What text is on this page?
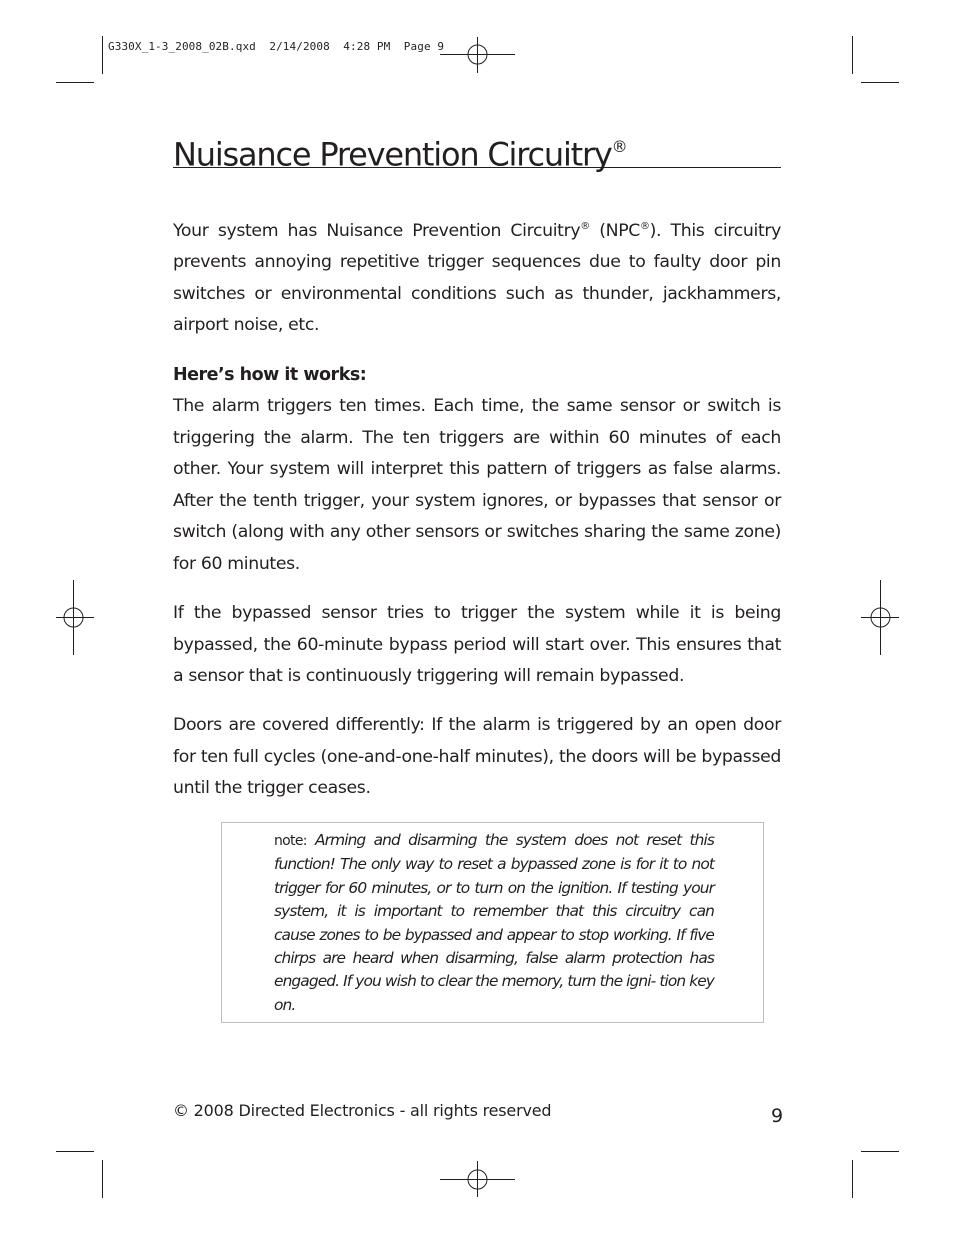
G330X_1-3_2008_02B.qxd  2/14/2008  4:28 PM  Page 9
Nuisance Prevention Circuitry®

Your system has Nuisance Prevention Circuitry® (NPC®). This circuitry prevents annoying repetitive trigger sequences due to faulty door pin switches or environmental conditions such as thunder, jackhammers, airport noise, etc.

Here’s how it works:

The alarm triggers ten times. Each time, the same sensor or switch is triggering the alarm. The ten triggers are within 60 minutes of each other. Your system will interpret this pattern of triggers as false alarms. After the tenth trigger, your system ignores, or bypasses that sensor or switch (along with any other sensors or switches sharing the same zone) for 60 minutes.

If the bypassed sensor tries to trigger the system while it is being bypassed, the 60-minute bypass period will start over. This ensures that a sensor that is continuously triggering will remain bypassed.

Doors are covered differently: If the alarm is triggered by an open door for ten full cycles (one-and-one-half minutes), the doors will be bypassed until the trigger ceases.

note: Arming and disarming the system does not reset this function! The only way to reset a bypassed zone is for it to not trigger for 60 minutes, or to turn on the ignition. If testing your system, it is important to remember that this circuitry can cause zones to be bypassed and appear to stop working. If five chirps are heard when disarming, false alarm protection has engaged. If you wish to clear the memory, turn the igni- tion key on.

© 2008 Directed Electronics - all rights reserved	9
